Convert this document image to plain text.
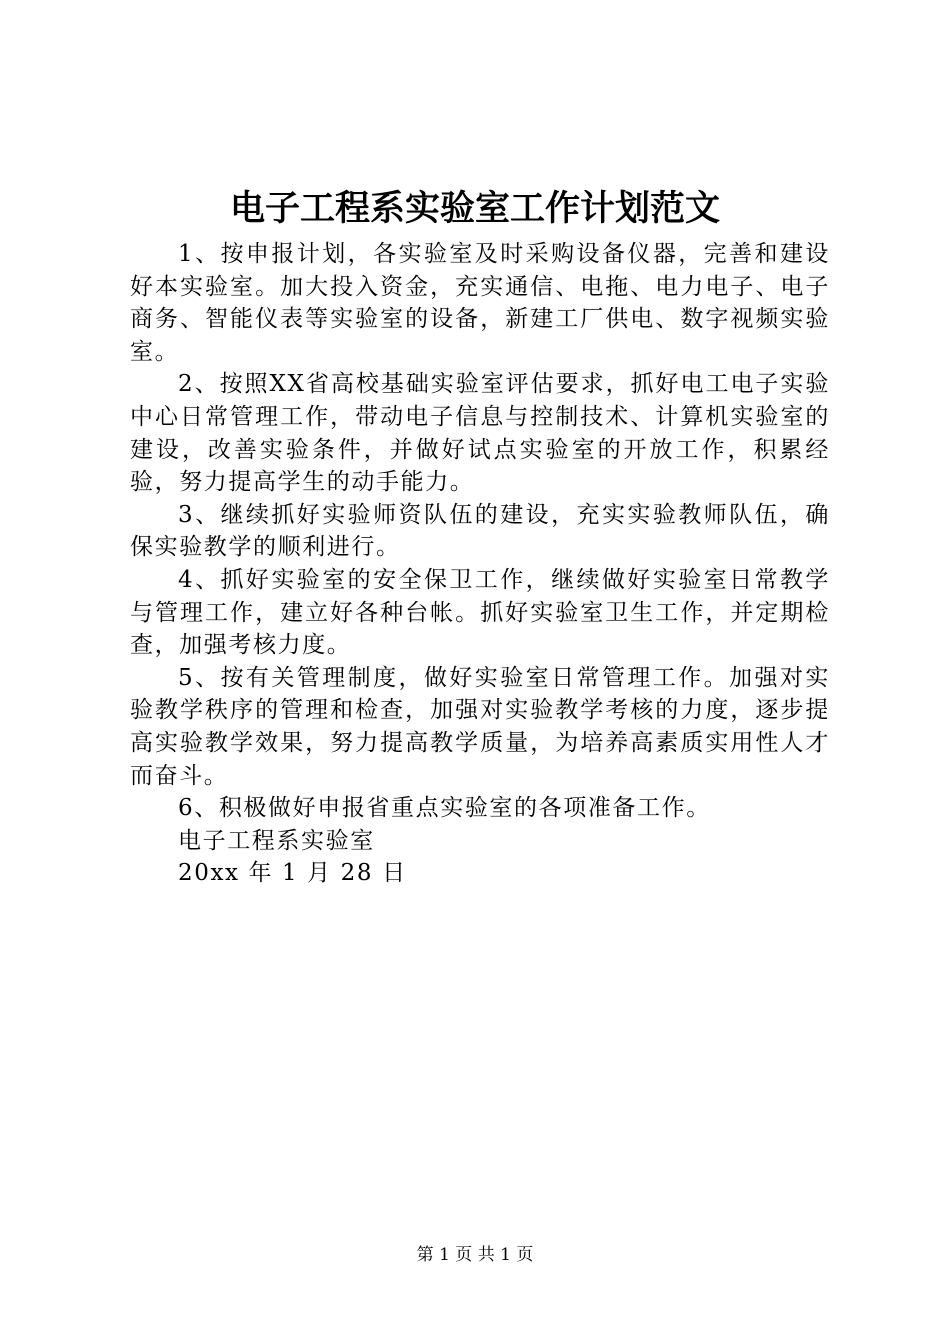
电子工程系实验室工作计划范文

1、按申报计划，各实验室及时采购设备仪器，完善和建设好本实验室。加大投入资金，充实通信、电拖、电力电子、电子商务、智能仪表等实验室的设备，新建工厂供电、数字视频实验室。

2、按照XX省高校基础实验室评估要求，抓好电工电子实验中心日常管理工作，带动电子信息与控制技术、计算机实验室的建设，改善实验条件，并做好试点实验室的开放工作，积累经验，努力提高学生的动手能力。

3、继续抓好实验师资队伍的建设，充实实验教师队伍，确保实验教学的顺利进行。

4、抓好实验室的安全保卫工作，继续做好实验室日常教学与管理工作，建立好各种台帐。抓好实验室卫生工作，并定期检查，加强考核力度。

5、按有关管理制度，做好实验室日常管理工作。加强对实验教学秩序的管理和检查，加强对实验教学考核的力度，逐步提高实验教学效果，努力提高教学质量，为培养高素质实用性人才而奋斗。

6、积极做好申报省重点实验室的各项准备工作。

电子工程系实验室

20xx 年 1 月 28 日

第 1 页 共 1 页
